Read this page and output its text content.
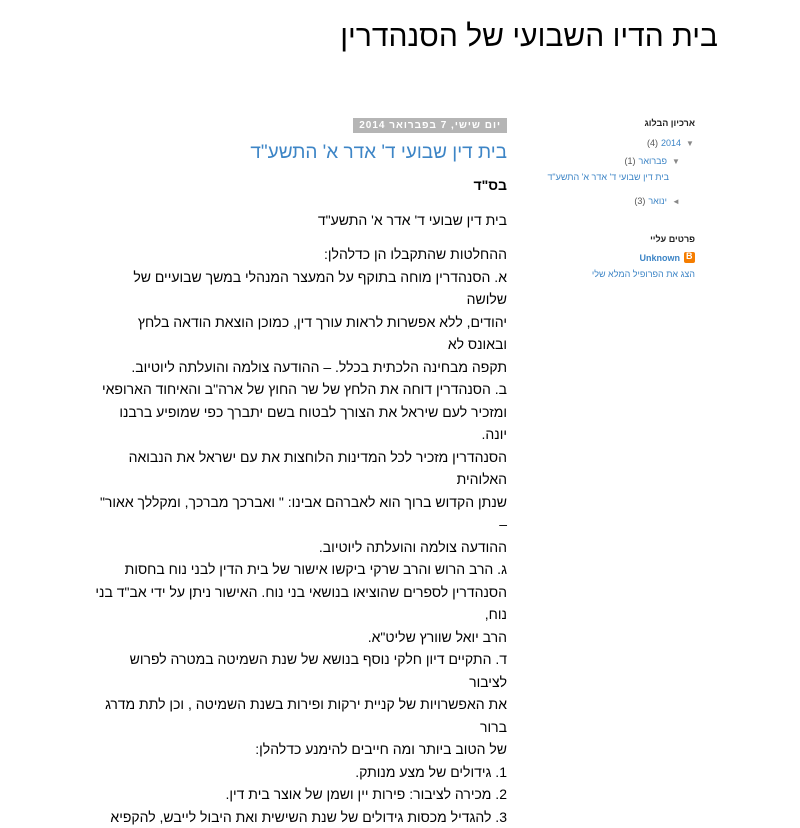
בית הדיו השבועי של הסנהדרין
יום שישי, 7 בפברואר 2014
בית דין שבועי ד' אדר א' התשע"ד
בס"ד
בית דין שבועי ד' אדר א' התשע"ד
ההחלטות שהתקבלו הן כדלהלן:
א. הסנהדרין מוחה בתוקף על המעצר המנהלי במשך שבועיים של שלושה
יהודים, ללא אפשרות לראות עורך דין, כמוכן הוצאת הודאה בלחץ ובאונס לא
תקפה מבחינה הלכתית בכלל. – ההודעה צולמה והועלתה ליוטיוב.
ב. הסנהדרין דוחה את הלחץ של שר החוץ של ארה"ב והאיחוד הארופאי
ומזכיר לעם שיראל את הצורך לבטוח בשם יתברך כפי שמופיע ברבנו יונה.
הסנהדרין מזכיר לכל המדינות הלוחצות את עם ישראל את הנבואה האלוהית
שנתן הקדוש ברוך הוא לאברהם אבינו: " ואברכך מברכך, ומקללך אאור" –
ההודעה צולמה והועלתה ליוטיוב.
ג. הרב הרוש והרב שרקי ביקשו אישור של בית הדין לבני נוח בחסות
הסנהדרין לספרים שהוציאו בנושאי בני נוח. האישור ניתן על ידי אב"ד בני נוח,
הרב יואל שוורץ שליט"א.
ד. התקיים דיון חלקי נוסף בנושא של שנת השמיטה במטרה לפרוש לציבור
את האפשרויות של קניית ירקות ופירות בשנת השמיטה , וכן לתת מדרג ברור
של הטוב ביותר ומה חייבים להימנע כדלהלן:
1. גידולים של מצע מנותק.
2. מכירה לציבור: פירות יין ושמן של אוצר בית דין.
3. להגדיל מכסות גידולים של שנת השישית ואת היבול לייבש, להקפיא
ארכיון הבלוג
▼
2014
(4)
▼
פברואר
(1)
בית דין שבועי ד' אדר א' התשע"ד
◄
ינואר
(3)
פרטים עליי
B
Unknown
הצג את הפרופיל המלא שלי
